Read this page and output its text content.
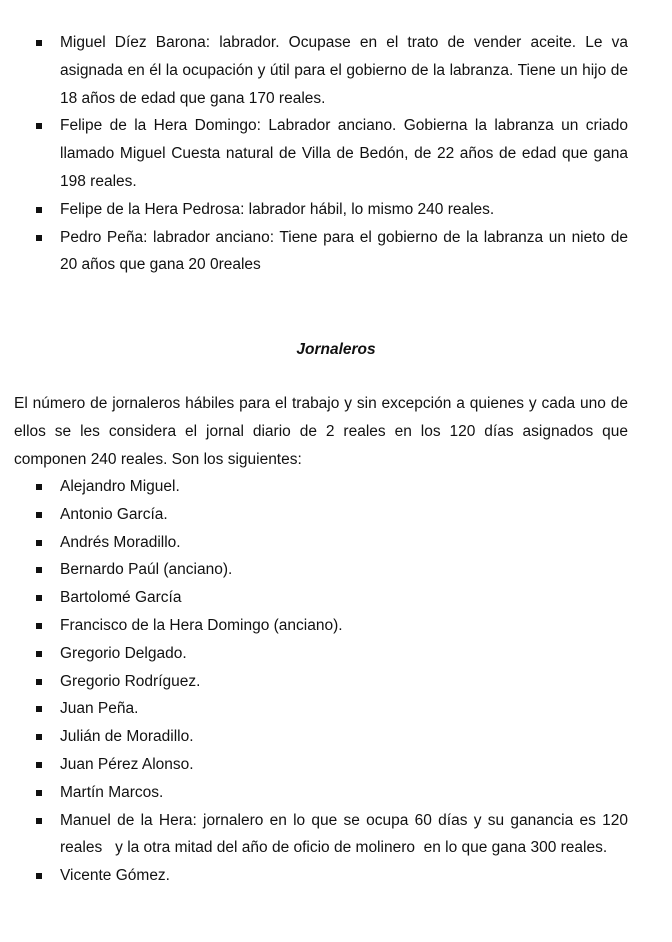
Miguel Díez Barona: labrador. Ocupase en el trato de vender aceite. Le va asignada en él la ocupación y útil para el gobierno de la labranza. Tiene un hijo de 18 años de edad que gana 170 reales.
Felipe de la Hera Domingo: Labrador anciano. Gobierna la labranza un criado llamado Miguel Cuesta natural de Villa de Bedón, de 22 años de edad que gana 198 reales.
Felipe de la Hera Pedrosa: labrador hábil, lo mismo 240 reales.
Pedro Peña: labrador anciano: Tiene para el gobierno de la labranza un nieto de 20 años que gana 20 0reales
Jornaleros

El número de jornaleros hábiles para el trabajo y sin excepción a quienes y cada uno de ellos se les considera el jornal diario de 2 reales en los 120 días asignados que componen 240 reales. Son los siguientes:

Alejandro Miguel.
Antonio García.
Andrés Moradillo.
Bernardo Paúl (anciano).
Bartolomé García
Francisco de la Hera Domingo (anciano).
Gregorio Delgado.
Gregorio Rodríguez.
Juan Peña.
Julián de Moradillo.
Juan Pérez Alonso.
Martín Marcos.
Manuel de la Hera: jornalero en lo que se ocupa 60 días y su ganancia es 120 reales   y la otra mitad del año de oficio de molinero  en lo que gana 300 reales.
Vicente Gómez.
